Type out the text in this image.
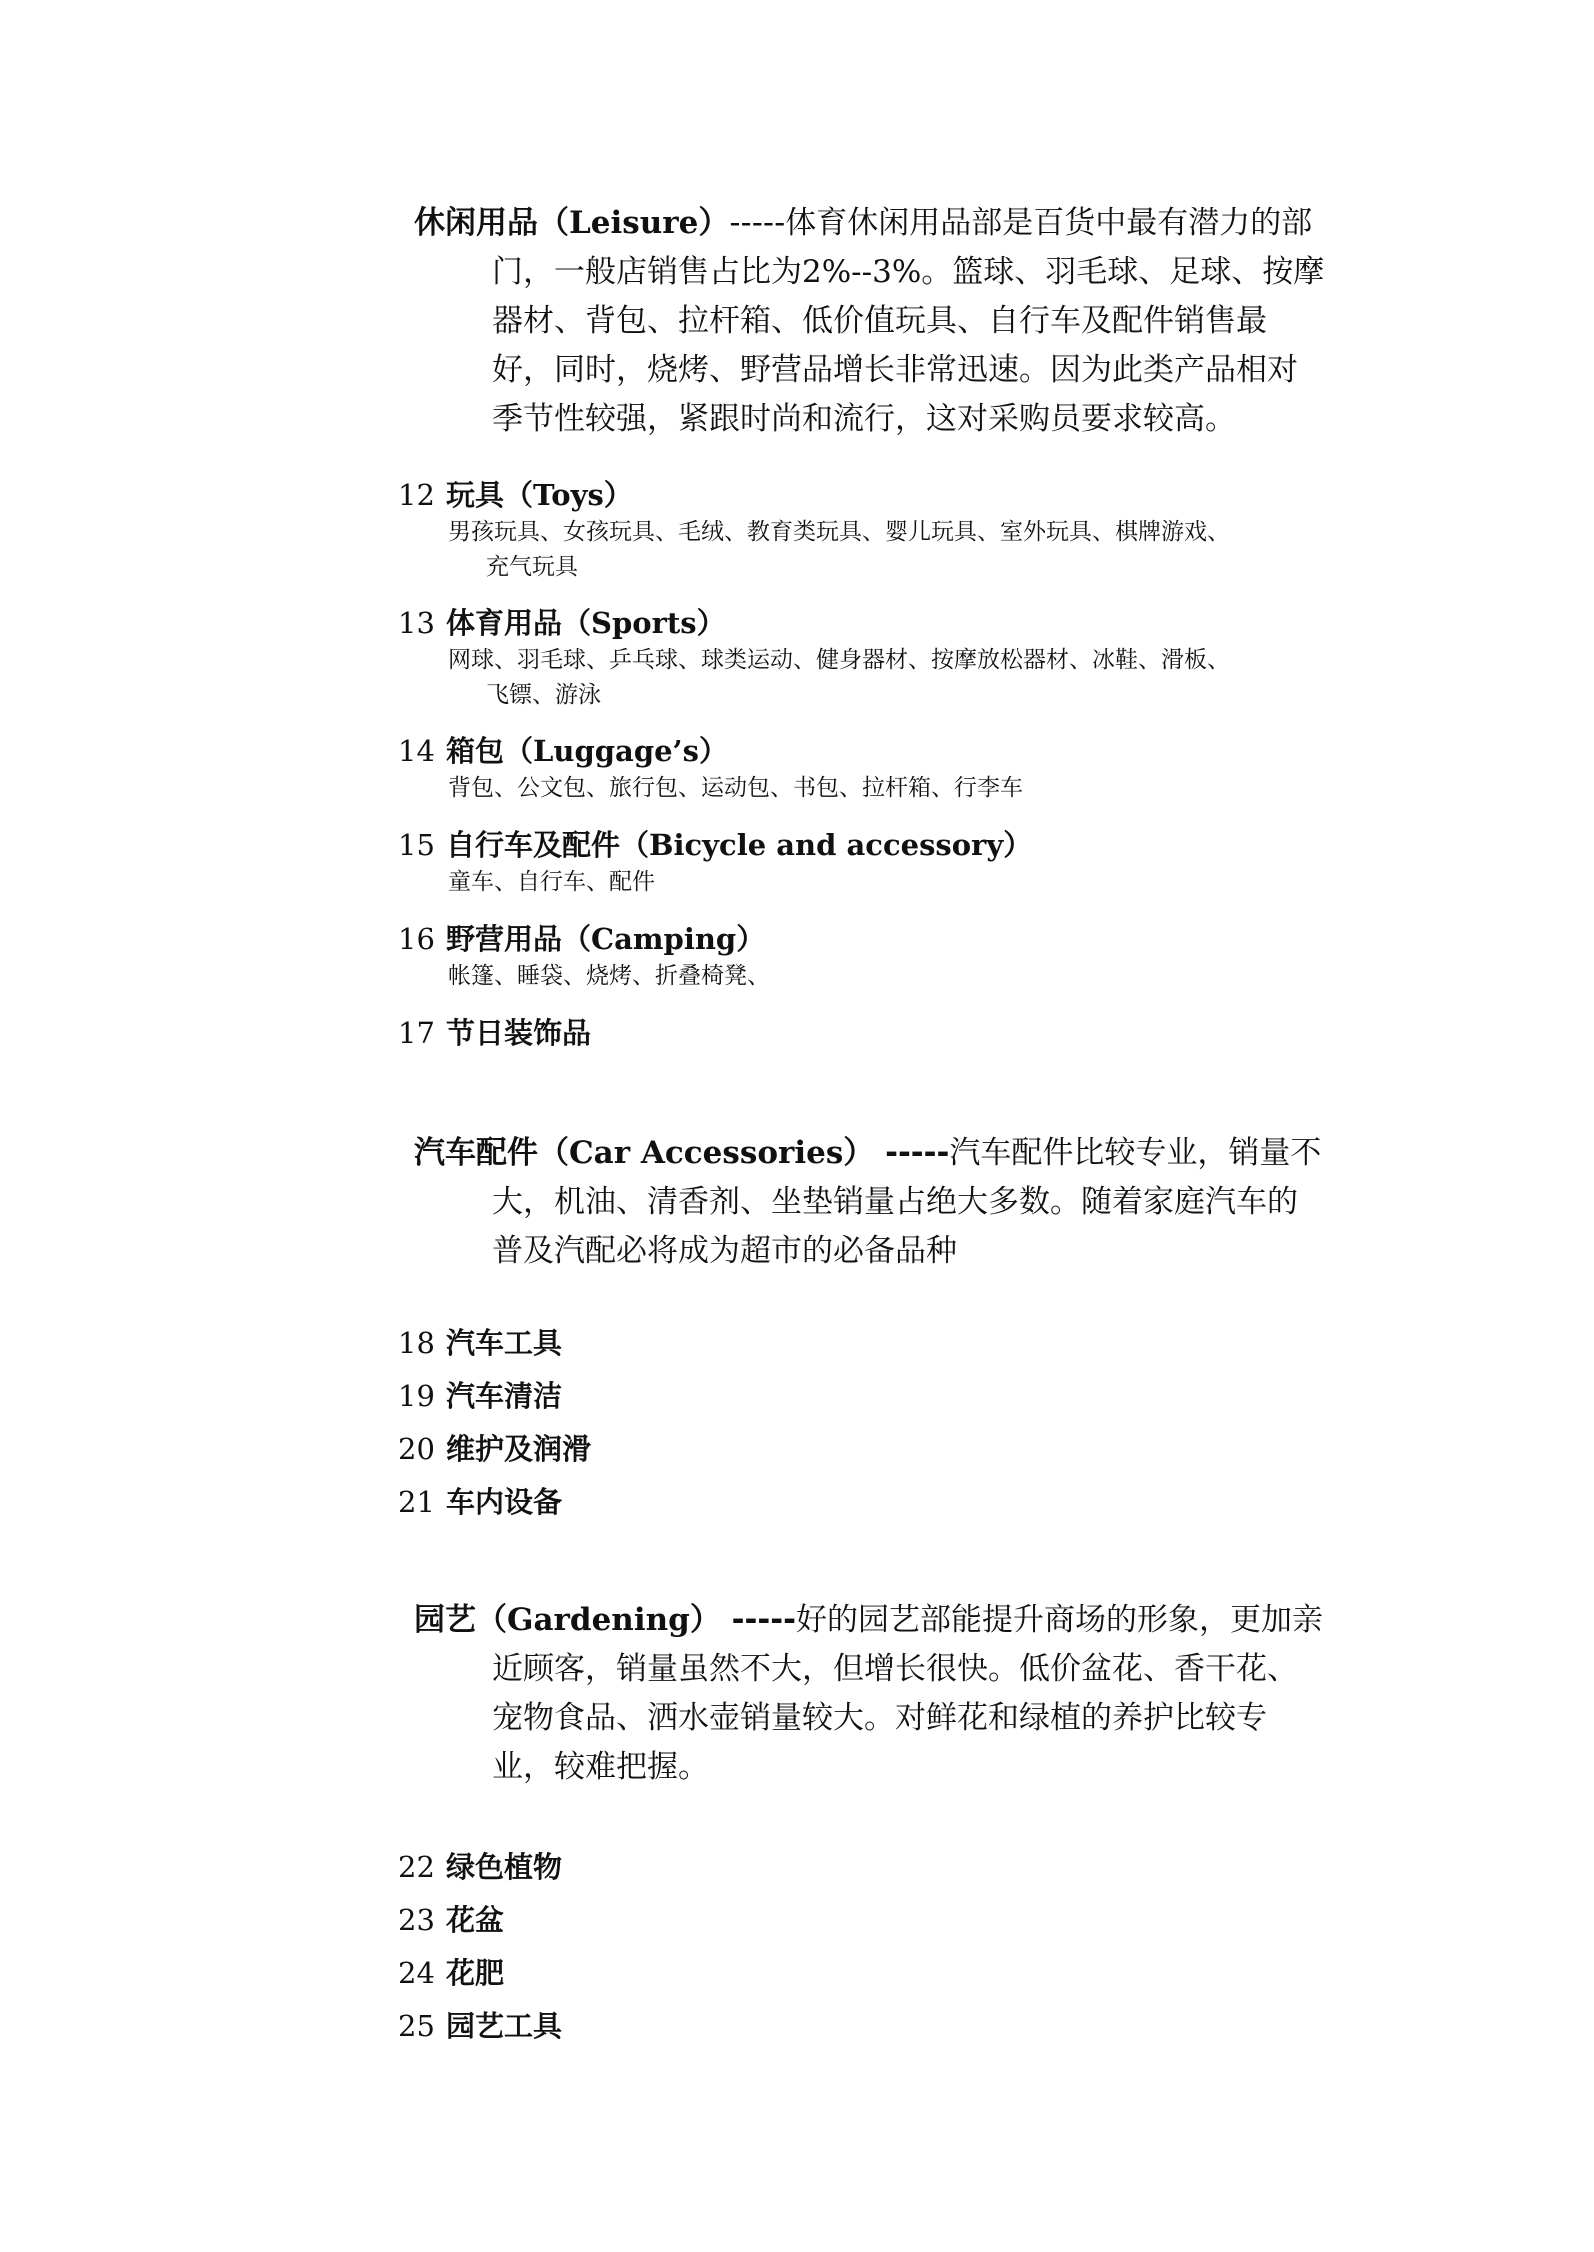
休闲用品（Leisure）-----体育休闲用品部是百货中最有潜力的部
门，一般店销售占比为2%--3%。篮球、羽毛球、足球、按摩
器材、背包、拉杆箱、低价值玩具、自行车及配件销售最
好，同时，烧烤、野营品增长非常迅速。因为此类产品相对
季节性较强，紧跟时尚和流行，这对采购员要求较高。
12 玩具（Toys）
男孩玩具、女孩玩具、毛绒、教育类玩具、婴儿玩具、室外玩具、棋牌游戏、
充气玩具
13 体育用品（Sports）
网球、羽毛球、乒乓球、球类运动、健身器材、按摩放松器材、冰鞋、滑板、
飞镖、游泳
14 箱包（Luggage’s）
背包、公文包、旅行包、运动包、书包、拉杆箱、行李车
15 自行车及配件（Bicycle and accessory）
童车、自行车、配件
16 野营用品（Camping）
帐篷、睡袋、烧烤、折叠椅凳、
17 节日装饰品
汽车配件（Car Accessories） -----汽车配件比较专业，销量不
大，机油、清香剂、坐垫销量占绝大多数。随着家庭汽车的
普及汽配必将成为超市的必备品种
18 汽车工具
19 汽车清洁
20 维护及润滑
21 车内设备
园艺（Gardening） -----好的园艺部能提升商场的形象，更加亲
近顾客，销量虽然不大，但增长很快。低价盆花、香干花、
宠物食品、洒水壶销量较大。对鲜花和绿植的养护比较专
业，较难把握。
22 绿色植物
23 花盆
24 花肥
25 园艺工具
